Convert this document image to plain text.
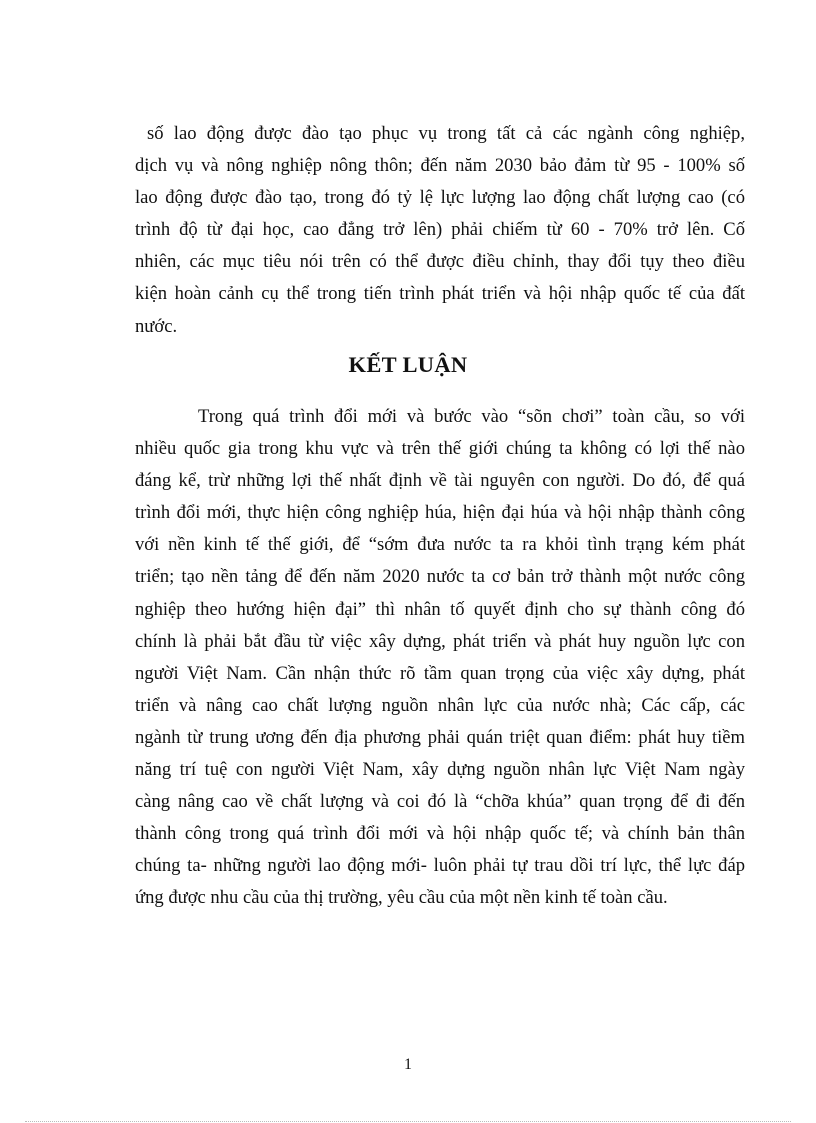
số lao động được đào tạo phục vụ trong tất cả các ngành công nghiệp,
dịch vụ và nông nghiệp nông thôn; đến năm 2030 bảo đảm từ 95 - 100% số
lao động được đào tạo, trong đó tỷ lệ lực lượng lao động chất lượng cao (có
trình độ từ đại học, cao đẳng trở lên) phải chiếm từ 60 - 70% trở lên. Cố
nhiên, các mục tiêu nói trên có thể được điều chỉnh, thay đổi tụy theo điều
kiện hoàn cảnh cụ thể trong tiến trình phát triển và hội nhập quốc tế của đất
nước.
KẾT LUẬN
Trong quá trình đổi mới và bước vào “sõn chơi” toàn cầu, so với
nhiều quốc gia trong khu vực và trên thế giới chúng ta không có lợi thế nào
đáng kể, trừ những lợi thế nhất định về tài nguyên con người. Do đó, để quá
trình đổi mới, thực hiện công nghiệp húa, hiện đại húa và hội nhập thành công
với nền kinh tế thế giới, để “sớm đưa nước ta ra khỏi tình trạng kém phát
triển; tạo nền tảng để đến năm 2020 nước ta cơ bản trở thành một nước công
nghiệp theo hướng hiện đại” thì nhân tố quyết định cho sự thành công đó
chính là phải bắt đầu từ việc xây dựng, phát triển và phát huy nguồn lực con
người Việt Nam. Cần nhận thức rõ tầm quan trọng của việc xây dựng, phát
triển và nâng cao chất lượng nguồn nhân lực của nước nhà; Các cấp, các
ngành từ trung ương đến địa phương phải quán triệt quan điểm: phát huy tiềm
năng trí tuệ con người Việt Nam, xây dựng nguồn nhân lực Việt Nam ngày
càng nâng cao về chất lượng và coi đó là “chỡa khúa” quan trọng để đi đến
thành công trong quá trình đổi mới và hội nhập quốc tế; và chính bản thân
chúng ta- những người lao động mới- luôn phải tự trau dồi trí lực, thể lực đáp
ứng được nhu cầu của thị trường, yêu cầu của một nền kinh tế toàn cầu.
1
